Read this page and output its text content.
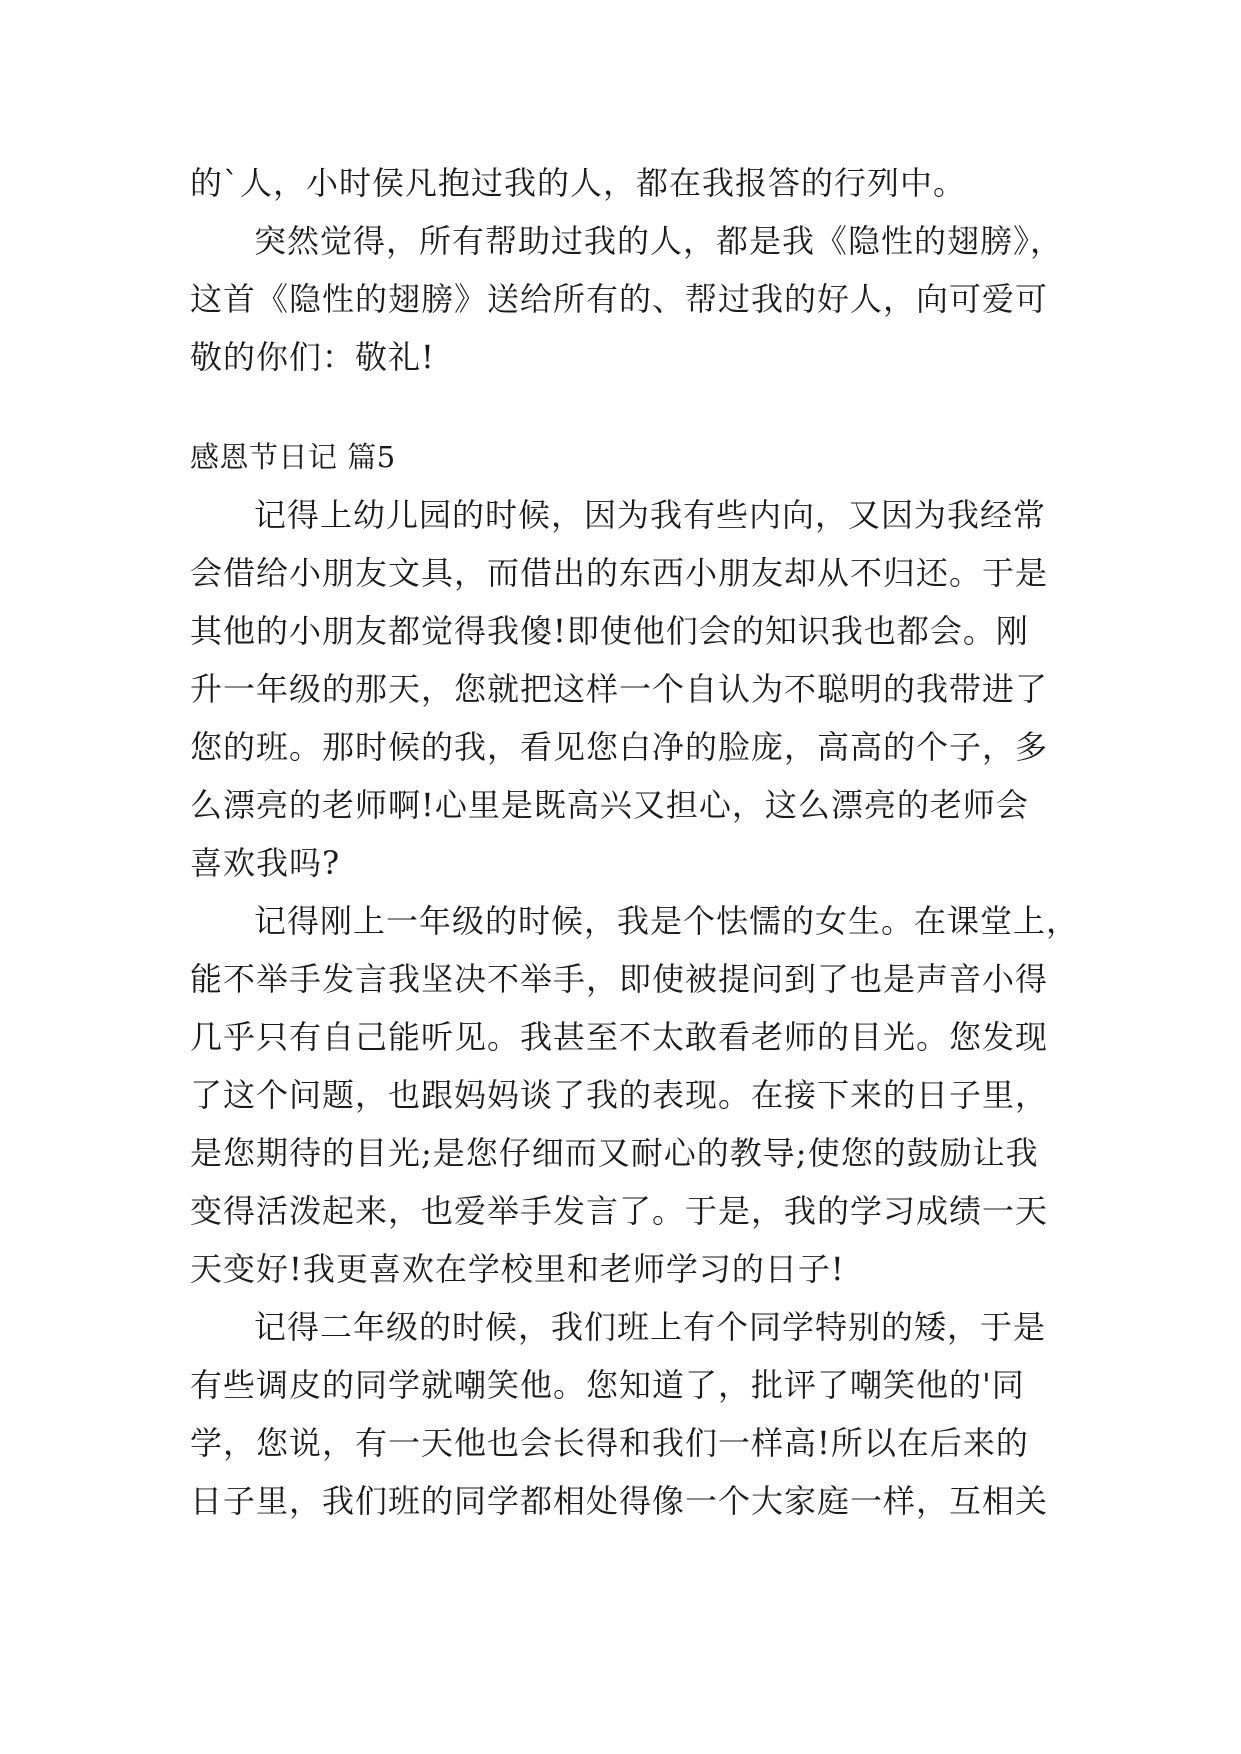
的`人，小时侯凡抱过我的人，都在我报答的行列中。
突然觉得，所有帮助过我的人，都是我《隐性的翅膀》，
这首《隐性的翅膀》送给所有的、帮过我的好人，向可爱可
敬的你们：敬礼!
感恩节日记 篇5
记得上幼儿园的时候，因为我有些内向，又因为我经常
会借给小朋友文具，而借出的东西小朋友却从不归还。于是
其他的小朋友都觉得我傻!即使他们会的知识我也都会。刚
升一年级的那天，您就把这样一个自认为不聪明的我带进了
您的班。那时候的我，看见您白净的脸庞，高高的个子，多
么漂亮的老师啊!心里是既高兴又担心，这么漂亮的老师会
喜欢我吗?
记得刚上一年级的时候，我是个怯懦的女生。在课堂上，
能不举手发言我坚决不举手，即使被提问到了也是声音小得
几乎只有自己能听见。我甚至不太敢看老师的目光。您发现
了这个问题，也跟妈妈谈了我的表现。在接下来的日子里，
是您期待的目光;是您仔细而又耐心的教导;使您的鼓励让我
变得活泼起来，也爱举手发言了。于是，我的学习成绩一天
天变好!我更喜欢在学校里和老师学习的日子!
记得二年级的时候，我们班上有个同学特别的矮，于是
有些调皮的同学就嘲笑他。您知道了，批评了嘲笑他的'同
学，您说，有一天他也会长得和我们一样高!所以在后来的
日子里，我们班的同学都相处得像一个大家庭一样，互相关
